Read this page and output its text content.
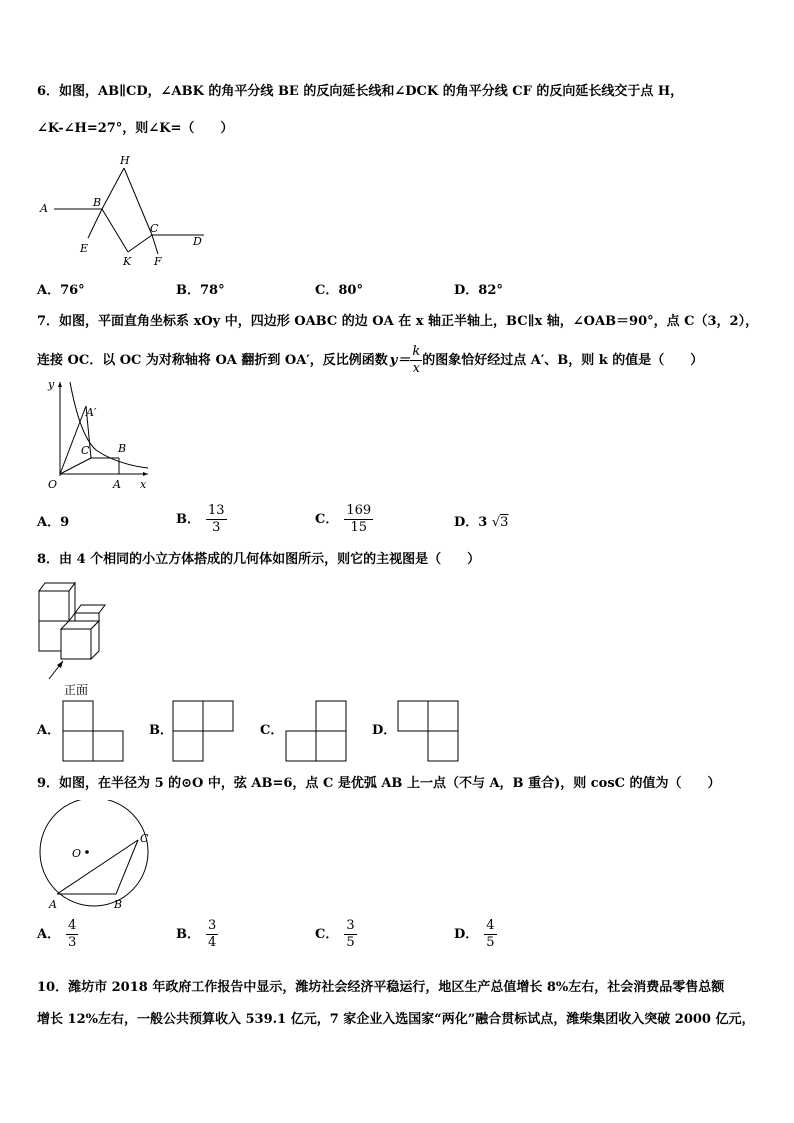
6．如图，AB∥CD，∠ABK 的角平分线 BE 的反向延长线和∠DCK 的角平分线 CF 的反向延长线交于点 H，
∠K-∠H=27°，则∠K=（　　）
H
A	B
C
D
E
K F
A．76°	B．78°	C．80°	D．82°
7．如图，平面直角坐标系 xOy 中，四边形 OABC 的边 OA 在 x 轴正半轴上，BC∥x 轴，∠OAB＝90°，点 C（3，2），
连接 OC．以 OC 为对称轴将 OA 翻折到 OA′，反比例函数 $y= \frac{k}{x}$ 的图象恰好经过点 A′、B，则 k 的值是（　　）
y
x
O	A
A′
B
C
A．9	B． $\frac{13}{3}$	C． $\frac{169}{15}$	D．3 √3
8．由 4 个相同的小立方体搭成的几何体如图所示，则它的主视图是（　　）
正面
A．	B．	C．	D．
9．如图，在半径为 5 的⊙O 中，弦 AB=6，点 C 是优弧 AB 上一点（不与 A，B 重合)，则 cosC 的值为（　　）
O
A	B
C
A． $\frac{4}{3}$	B． $\frac{3}{4}$	C． $\frac{3}{5}$	D． $\frac{4}{5}$
10．潍坊市 2018 年政府工作报告中显示，潍坊社会经济平稳运行，地区生产总值增长 8%左右，社会消费品零售总额
增长 12%左右，一般公共预算收入 539.1 亿元，7 家企业入选国家“两化”融合贯标试点，潍柴集团收入突破 2000 亿元，
